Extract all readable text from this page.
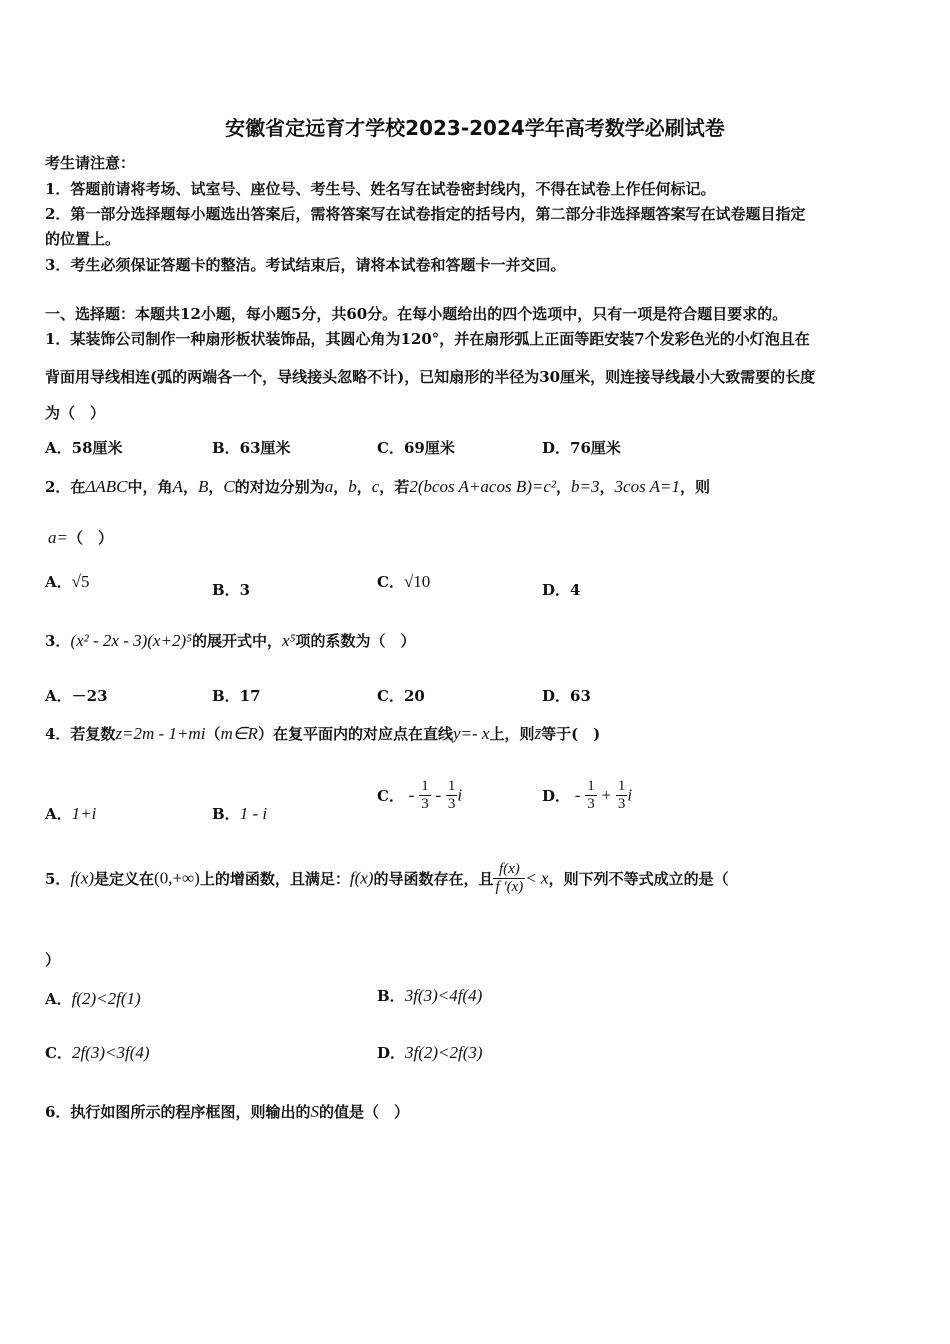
安徽省定远育才学校2023-2024学年高考数学必刷试卷
考生请注意：
1．答题前请将考场、试室号、座位号、考生号、姓名写在试卷密封线内，不得在试卷上作任何标记。
2．第一部分选择题每小题选出答案后，需将答案写在试卷指定的括号内，第二部分非选择题答案写在试卷题目指定
的位置上。
3．考生必须保证答题卡的整洁。考试结束后，请将本试卷和答题卡一并交回。
一、选择题：本题共12小题，每小题5分，共60分。在每小题给出的四个选项中，只有一项是符合题目要求的。
1．某装饰公司制作一种扇形板状装饰品，其圆心角为120°，并在扇形弧上正面等距安装7个发彩色光的小灯泡且在
背面用导线相连(弧的两端各一个，导线接头忽略不计)，已知扇形的半径为30厘米，则连接导线最小大致需要的长度
为（　）
A．58厘米	B．63厘米	C．69厘米	D．76厘米
2．在ΔABC中，角A，B，C的对边分别为a，b，c，若2(bcos A+acos B)=c²，b=3，3cos A=1，则
a=（　）
A．√5	B．3	C．√10	D．4
3．(x² - 2x - 3)(x+2)⁵的展开式中，x⁵项的系数为（　）
A．－23	B．17	C．20	D．63
4．若复数z=2m - 1+mi（m∈R）在复平面内的对应点在直线y=- x上，则z̄等于(　)
A．1+i	B．1 - i
C． - $\frac{1}{3} - \frac{1}{3}$ i	D． - $\frac{1}{3} + \frac{1}{3}$ i
5．f(x)是定义在(0,+∞)上的增函数，且满足：f(x)的导函数存在，且 $\frac{f(x)}{f '(x)} < x$，则下列不等式成立的是（
）
A．f(2)<2f(1)	B．3f(3)<4f(4)
C．2f(3)<3f(4)	D．3f(2)<2f(3)
6．执行如图所示的程序框图，则输出的S的值是（　）
